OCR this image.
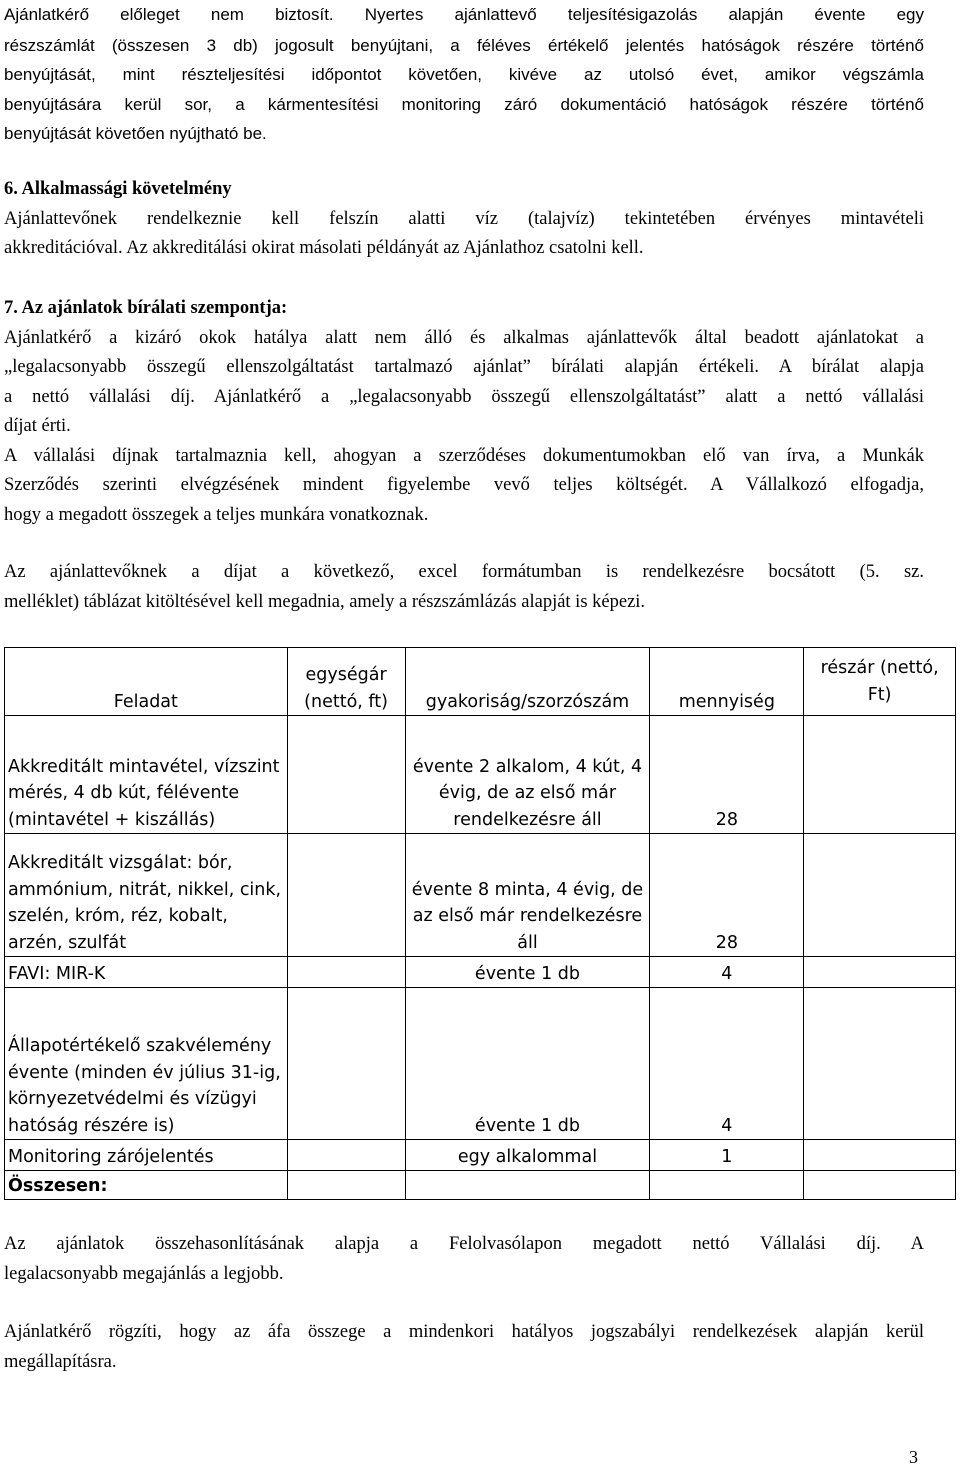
Ajánlatkérő előleget nem biztosít. Nyertes ajánlattevő teljesítésigazolás alapján évente egy
részszámlát (összesen 3 db) jogosult benyújtani, a féléves értékelő jelentés hatóságok részére történő
benyújtását, mint részteljesítési időpontot követően, kivéve az utolsó évet, amikor végszámla
benyújtására kerül sor, a kármentesítési monitoring záró dokumentáció hatóságok részére történő
benyújtását követően nyújtható be.
6. Alkalmassági követelmény
Ajánlattevőnek rendelkeznie kell felszín alatti víz (talajvíz) tekintetében érvényes mintavételi
akkreditációval. Az akkreditálási okirat másolati példányát az Ajánlathoz csatolni kell.
7. Az ajánlatok bírálati szempontja:
Ajánlatkérő a kizáró okok hatálya alatt nem álló és alkalmas ajánlattevők által beadott ajánlatokat a
„legalacsonyabb összegű ellenszolgáltatást tartalmazó ajánlat” bírálati alapján értékeli. A bírálat alapja
a nettó vállalási díj. Ajánlatkérő a „legalacsonyabb összegű ellenszolgáltatást” alatt a nettó vállalási
díjat érti.
A vállalási díjnak tartalmaznia kell, ahogyan a szerződéses dokumentumokban elő van írva, a Munkák
Szerződés szerinti elvégzésének mindent figyelembe vevő teljes költségét. A Vállalkozó elfogadja,
hogy a megadott összegek a teljes munkára vonatkoznak.
Az ajánlattevőknek a díjat a következő, excel formátumban is rendelkezésre bocsátott (5. sz.
melléklet) táblázat kitöltésével kell megadnia, amely a részszámlázás alapját is képezi.
Feladat	egységár (nettó, ft)	gyakoriság/szorzószám	mennyiség	részár (nettó, Ft)
Akkreditált mintavétel, vízszint mérés, 4 db kút, félévente (mintavétel + kiszállás)		évente 2 alkalom, 4 kút, 4 évig, de az első már rendelkezésre áll	28	
Akkreditált vizsgálat: bór, ammónium, nitrát, nikkel, cink, szelén, króm, réz, kobalt, arzén, szulfát		évente 8 minta, 4 évig, de az első már rendelkezésre áll	28	
FAVI: MIR-K		évente 1 db	4	
Állapotértékelő szakvélemény évente (minden év július 31-ig, környezetvédelmi és vízügyi hatóság részére is)		évente 1 db	4	
Monitoring zárójelentés		egy alkalommal	1	
Összesen:				
Az ajánlatok összehasonlításának alapja a Felolvasólapon megadott nettó Vállalási díj. A
legalacsonyabb megajánlás a legjobb.
Ajánlatkérő rögzíti, hogy az áfa összege a mindenkori hatályos jogszabályi rendelkezések alapján kerül
megállapításra.
3
